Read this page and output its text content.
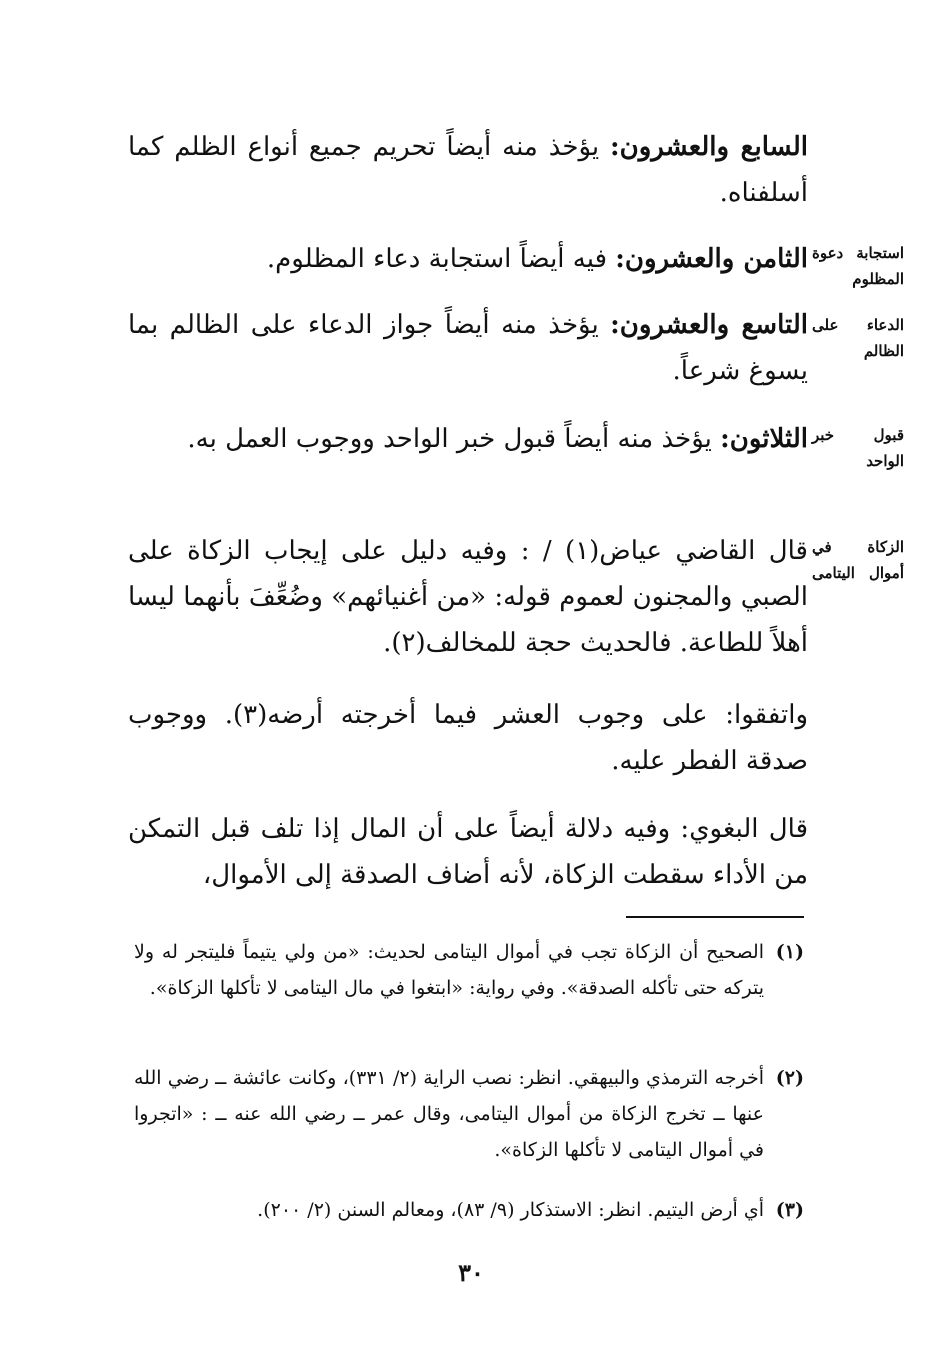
السابع والعشرون: يؤخذ منه أيضاً تحريم جميع أنواع الظلم كما أسلفناه.
الثامن والعشرون: فيه أيضاً استجابة دعاء المظلوم.
التاسع والعشرون: يؤخذ منه أيضاً جواز الدعاء على الظالم بما يسوغ شرعاً.
الثلاثون: يؤخذ منه أيضاً قبول خبر الواحد ووجوب العمل به.
قال القاضي عياض(١) / : وفيه دليل على إيجاب الزكاة على الصبي والمجنون لعموم قوله: «من أغنيائهم» وضُعِّفَ بأنهما ليسا أهلاً للطاعة. فالحديث حجة للمخالف(٢).
واتفقوا: على وجوب العشر فيما أخرجته أرضه(٣). ووجوب صدقة الفطر عليه.
قال البغوي: وفيه دلالة أيضاً على أن المال إذا تلف قبل التمكن من الأداء سقطت الزكاة، لأنه أضاف الصدقة إلى الأموال،
استجابة دعوة المظلوم
الدعاء على الظالم
قبول خبر الواحد
الزكاة في أموال اليتامى
(١)
الصحيح أن الزكاة تجب في أموال اليتامى لحديث: «من ولي يتيماً فليتجر له ولا يتركه حتى تأكله الصدقة». وفي رواية: «ابتغوا في مال اليتامى لا تأكلها الزكاة».
(٢)
أخرجه الترمذي والبيهقي. انظر: نصب الراية (٢/ ٣٣١)، وكانت عائشة ــ رضي الله عنها ــ تخرج الزكاة من أموال اليتامى، وقال عمر ــ رضي الله عنه ــ : «اتجروا في أموال اليتامى لا تأكلها الزكاة».
(٣)
أي أرض اليتيم. انظر: الاستذكار (٩/ ٨٣)، ومعالم السنن (٢/ ٢٠٠).
٣٠
